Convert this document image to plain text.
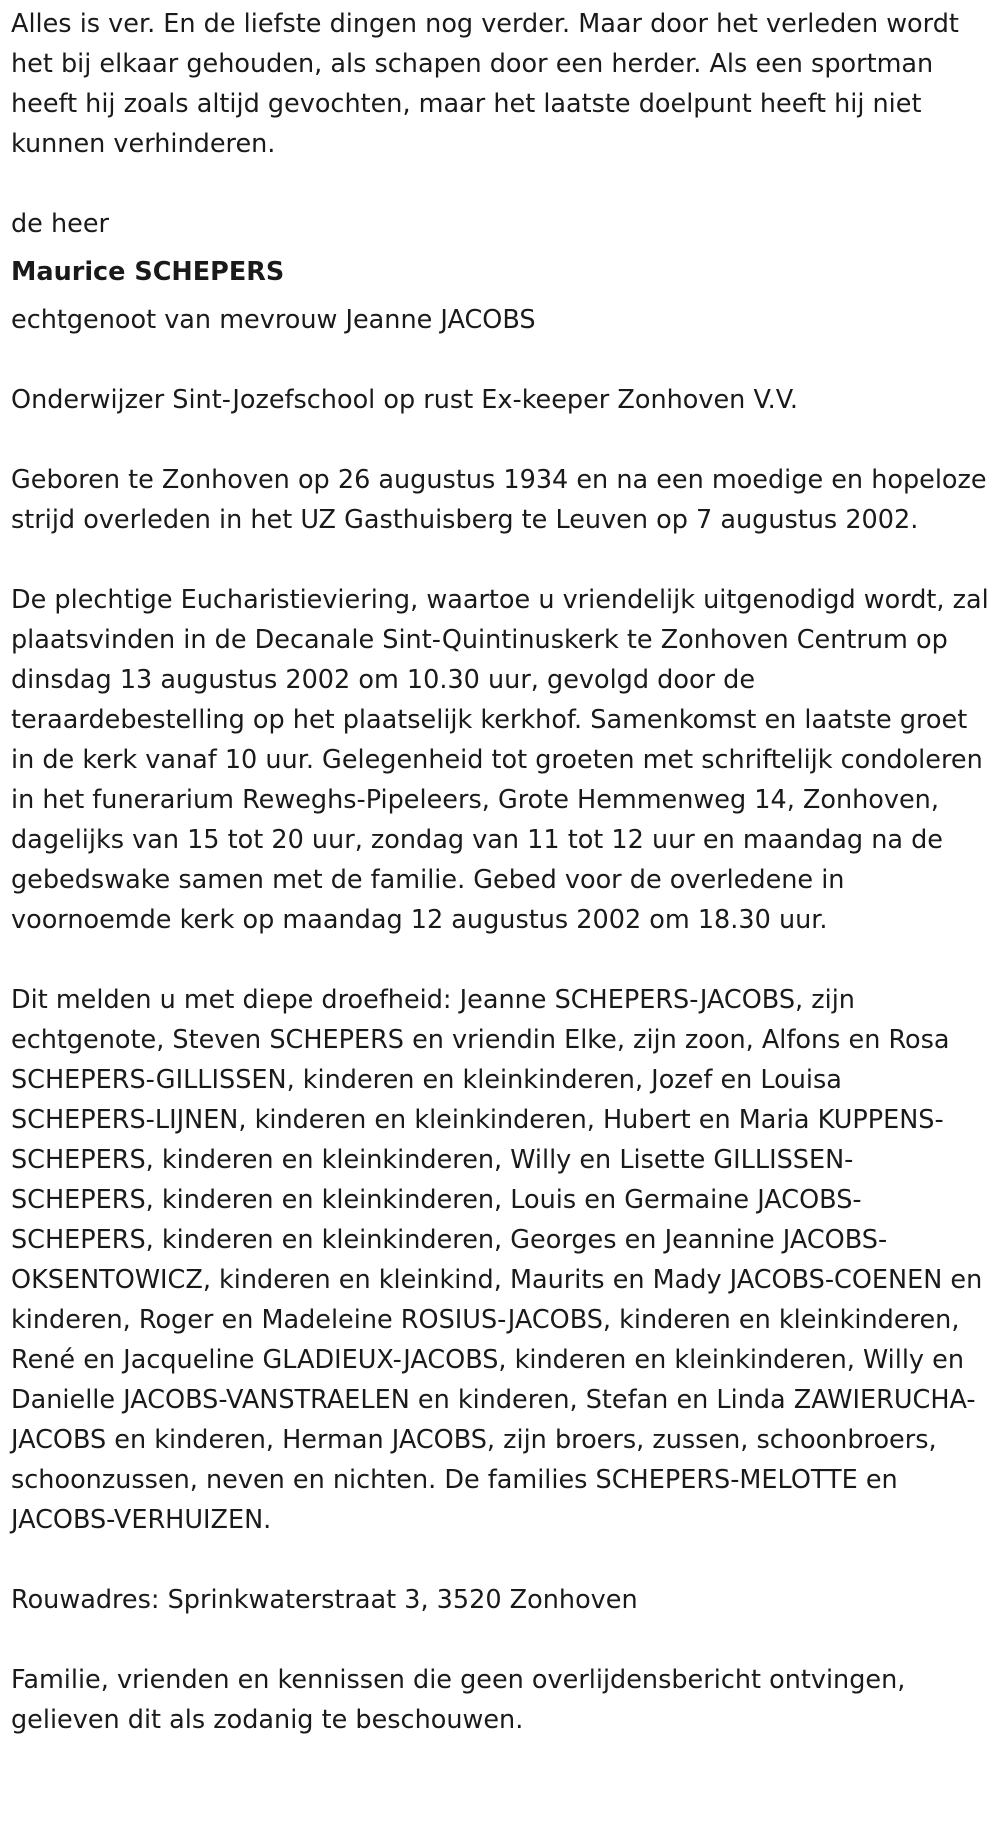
Alles is ver. En de liefste dingen nog verder. Maar door het verleden wordt het bij elkaar gehouden, als schapen door een herder. Als een sportman heeft hij zoals altijd gevochten, maar het laatste doelpunt heeft hij niet kunnen verhinderen.

de heer

Maurice SCHEPERS

echtgenoot van mevrouw Jeanne JACOBS

Onderwijzer Sint-Jozefschool op rust Ex-keeper Zonhoven V.V.

Geboren te Zonhoven op 26 augustus 1934 en na een moedige en hopeloze strijd overleden in het UZ Gasthuisberg te Leuven op 7 augustus 2002.

De plechtige Eucharistieviering, waartoe u vriendelijk uitgenodigd wordt, zal plaatsvinden in de Decanale Sint-Quintinuskerk te Zonhoven Centrum op dinsdag 13 augustus 2002 om 10.30 uur, gevolgd door de teraardebestelling op het plaatselijk kerkhof. Samenkomst en laatste groet in de kerk vanaf 10 uur. Gelegenheid tot groeten met schriftelijk condoleren in het funerarium Reweghs-Pipeleers, Grote Hemmenweg 14, Zonhoven, dagelijks van 15 tot 20 uur, zondag van 11 tot 12 uur en maandag na de gebedswake samen met de familie. Gebed voor de overledene in voornoemde kerk op maandag 12 augustus 2002 om 18.30 uur.

Dit melden u met diepe droefheid: Jeanne SCHEPERS-JACOBS, zijn echtgenote, Steven SCHEPERS en vriendin Elke, zijn zoon, Alfons en Rosa SCHEPERS-GILLISSEN, kinderen en kleinkinderen, Jozef en Louisa SCHEPERS-LIJNEN, kinderen en kleinkinderen, Hubert en Maria KUPPENS-SCHEPERS, kinderen en kleinkinderen, Willy en Lisette GILLISSEN-SCHEPERS, kinderen en kleinkinderen, Louis en Germaine JACOBS-SCHEPERS, kinderen en kleinkinderen, Georges en Jeannine JACOBS-OKSENTOWICZ, kinderen en kleinkind, Maurits en Mady JACOBS-COENEN en kinderen, Roger en Madeleine ROSIUS-JACOBS, kinderen en kleinkinderen, René en Jacqueline GLADIEUX-JACOBS, kinderen en kleinkinderen, Willy en Danielle JACOBS-VANSTRAELEN en kinderen, Stefan en Linda ZAWIERUCHA-JACOBS en kinderen, Herman JACOBS, zijn broers, zussen, schoonbroers, schoonzussen, neven en nichten. De families SCHEPERS-MELOTTE en JACOBS-VERHUIZEN.

Rouwadres: Sprinkwaterstraat 3, 3520 Zonhoven

Familie, vrienden en kennissen die geen overlijdensbericht ontvingen, gelieven dit als zodanig te beschouwen.
